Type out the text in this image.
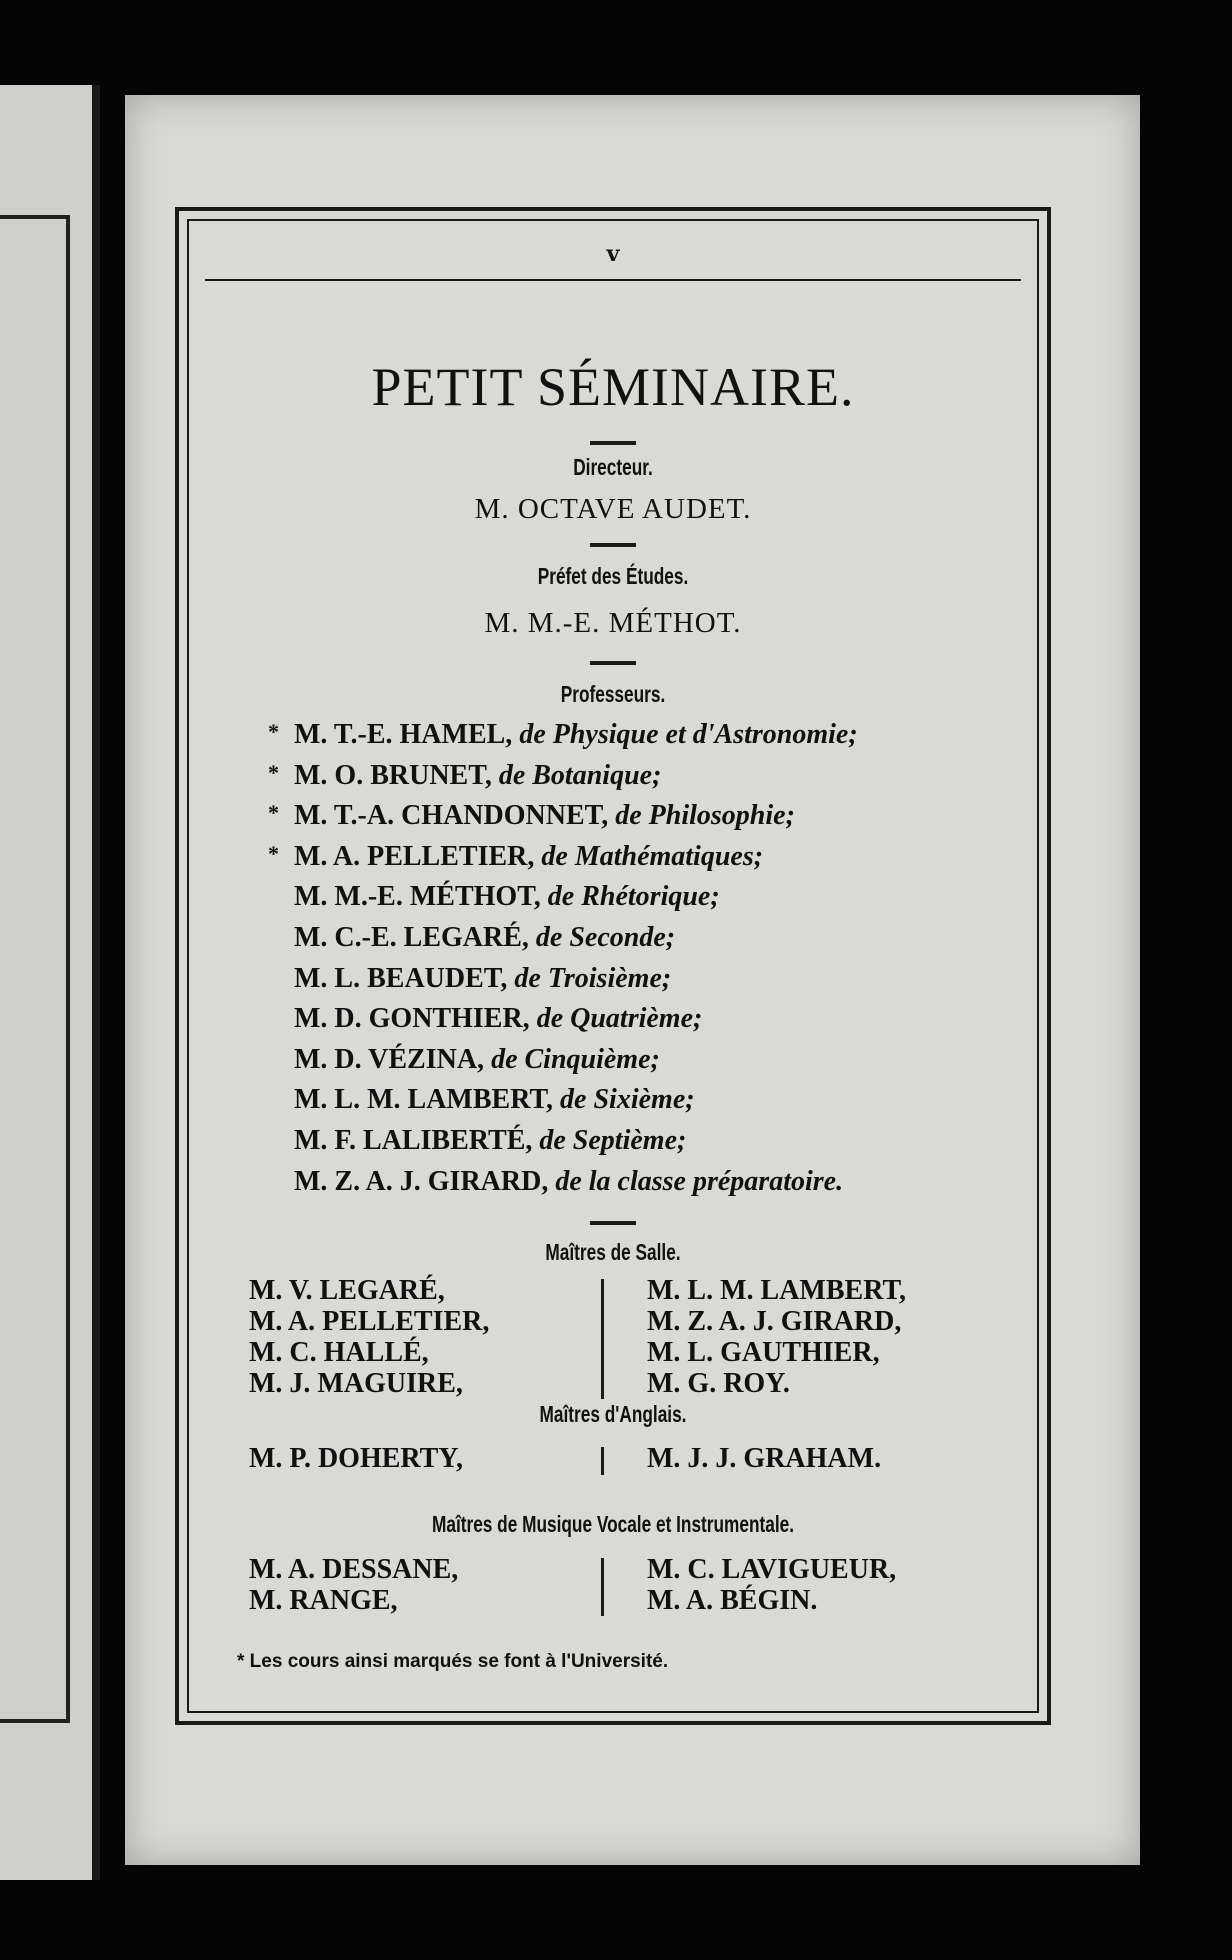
v
PETIT SÉMINAIRE.
Directeur.
M. OCTAVE AUDET.
Préfet des Études.
M. M.-E. MÉTHOT.
Professeurs.
* M. T.-E. HAMEL, de Physique et d'Astronomie;
* M. O. BRUNET, de Botanique;
* M. T.-A. CHANDONNET, de Philosophie;
* M. A. PELLETIER, de Mathématiques;
M. M.-E. MÉTHOT, de Rhétorique;
M. C.-E. LEGARÉ, de Seconde;
M. L. BEAUDET, de Troisième;
M. D. GONTHIER, de Quatrième;
M. D. VÉZINA, de Cinquième;
M. L. M. LAMBERT, de Sixième;
M. F. LALIBERTÉ, de Septième;
M. Z. A. J. GIRARD, de la classe préparatoire.
Maîtres de Salle.
M. V. LEGARÉ,
M. A. PELLETIER,
M. C. HALLÉ,
M. J. MAGUIRE,
M. L. M. LAMBERT,
M. Z. A. J. GIRARD,
M. L. GAUTHIER,
M. G. ROY.
Maîtres d'Anglais.
M. P. DOHERTY,	M. J. J. GRAHAM.
Maîtres de Musique Vocale et Instrumentale.
M. A. DESSANE,
M. RANGE,
M. C. LAVIGUEUR,
M. A. BÉGIN.
* Les cours ainsi marqués se font à l'Université.
